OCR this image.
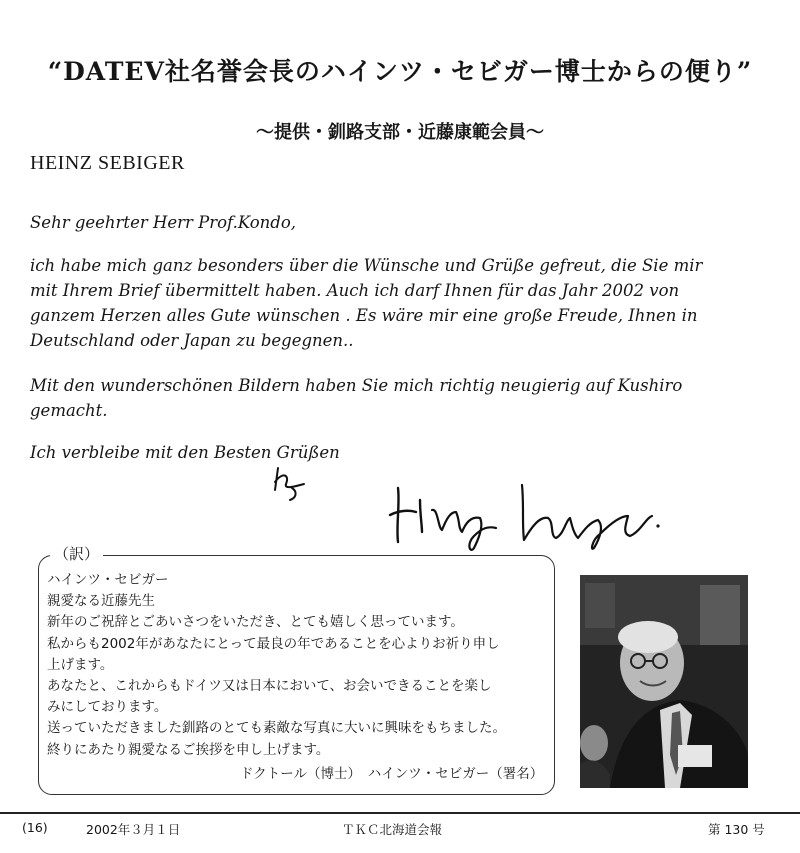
“DATEV社名誉会長のハインツ・セビガー博士からの便り”
〜提供・釧路支部・近藤康範会員〜
HEINZ SEBIGER
Sehr geehrter Herr Prof.Kondo,
ich habe mich ganz besonders über die Wünsche und Grüße gefreut, die Sie mir
mit Ihrem Brief übermittelt haben. Auch ich darf Ihnen für das Jahr 2002 von
ganzem Herzen alles Gute wünschen . Es wäre mir eine große Freude, Ihnen in
Deutschland oder Japan zu begegnen..
Mit den wunderschönen Bildern haben Sie mich richtig neugierig auf Kushiro
gemacht.
Ich verbleibe mit den Besten Grüßen
（訳）
ハインツ・セビガー
親愛なる近藤先生
新年のご祝辞とごあいさつをいただき、とても嬉しく思っています。
私からも2002年があなたにとって最良の年であることを心よりお祈り申し
上げます。
あなたと、これからもドイツ又は日本において、お会いできることを楽し
みにしております。
送っていただきました釧路のとても素敵な写真に大いに興味をもちました。
終りにあたり親愛なるご挨拶を申し上げます。
ドクトール（博士）　ハインツ・セビガー（署名）
(16)	2002年３月１日	ＴＫＣ北海道会報	第 130 号
